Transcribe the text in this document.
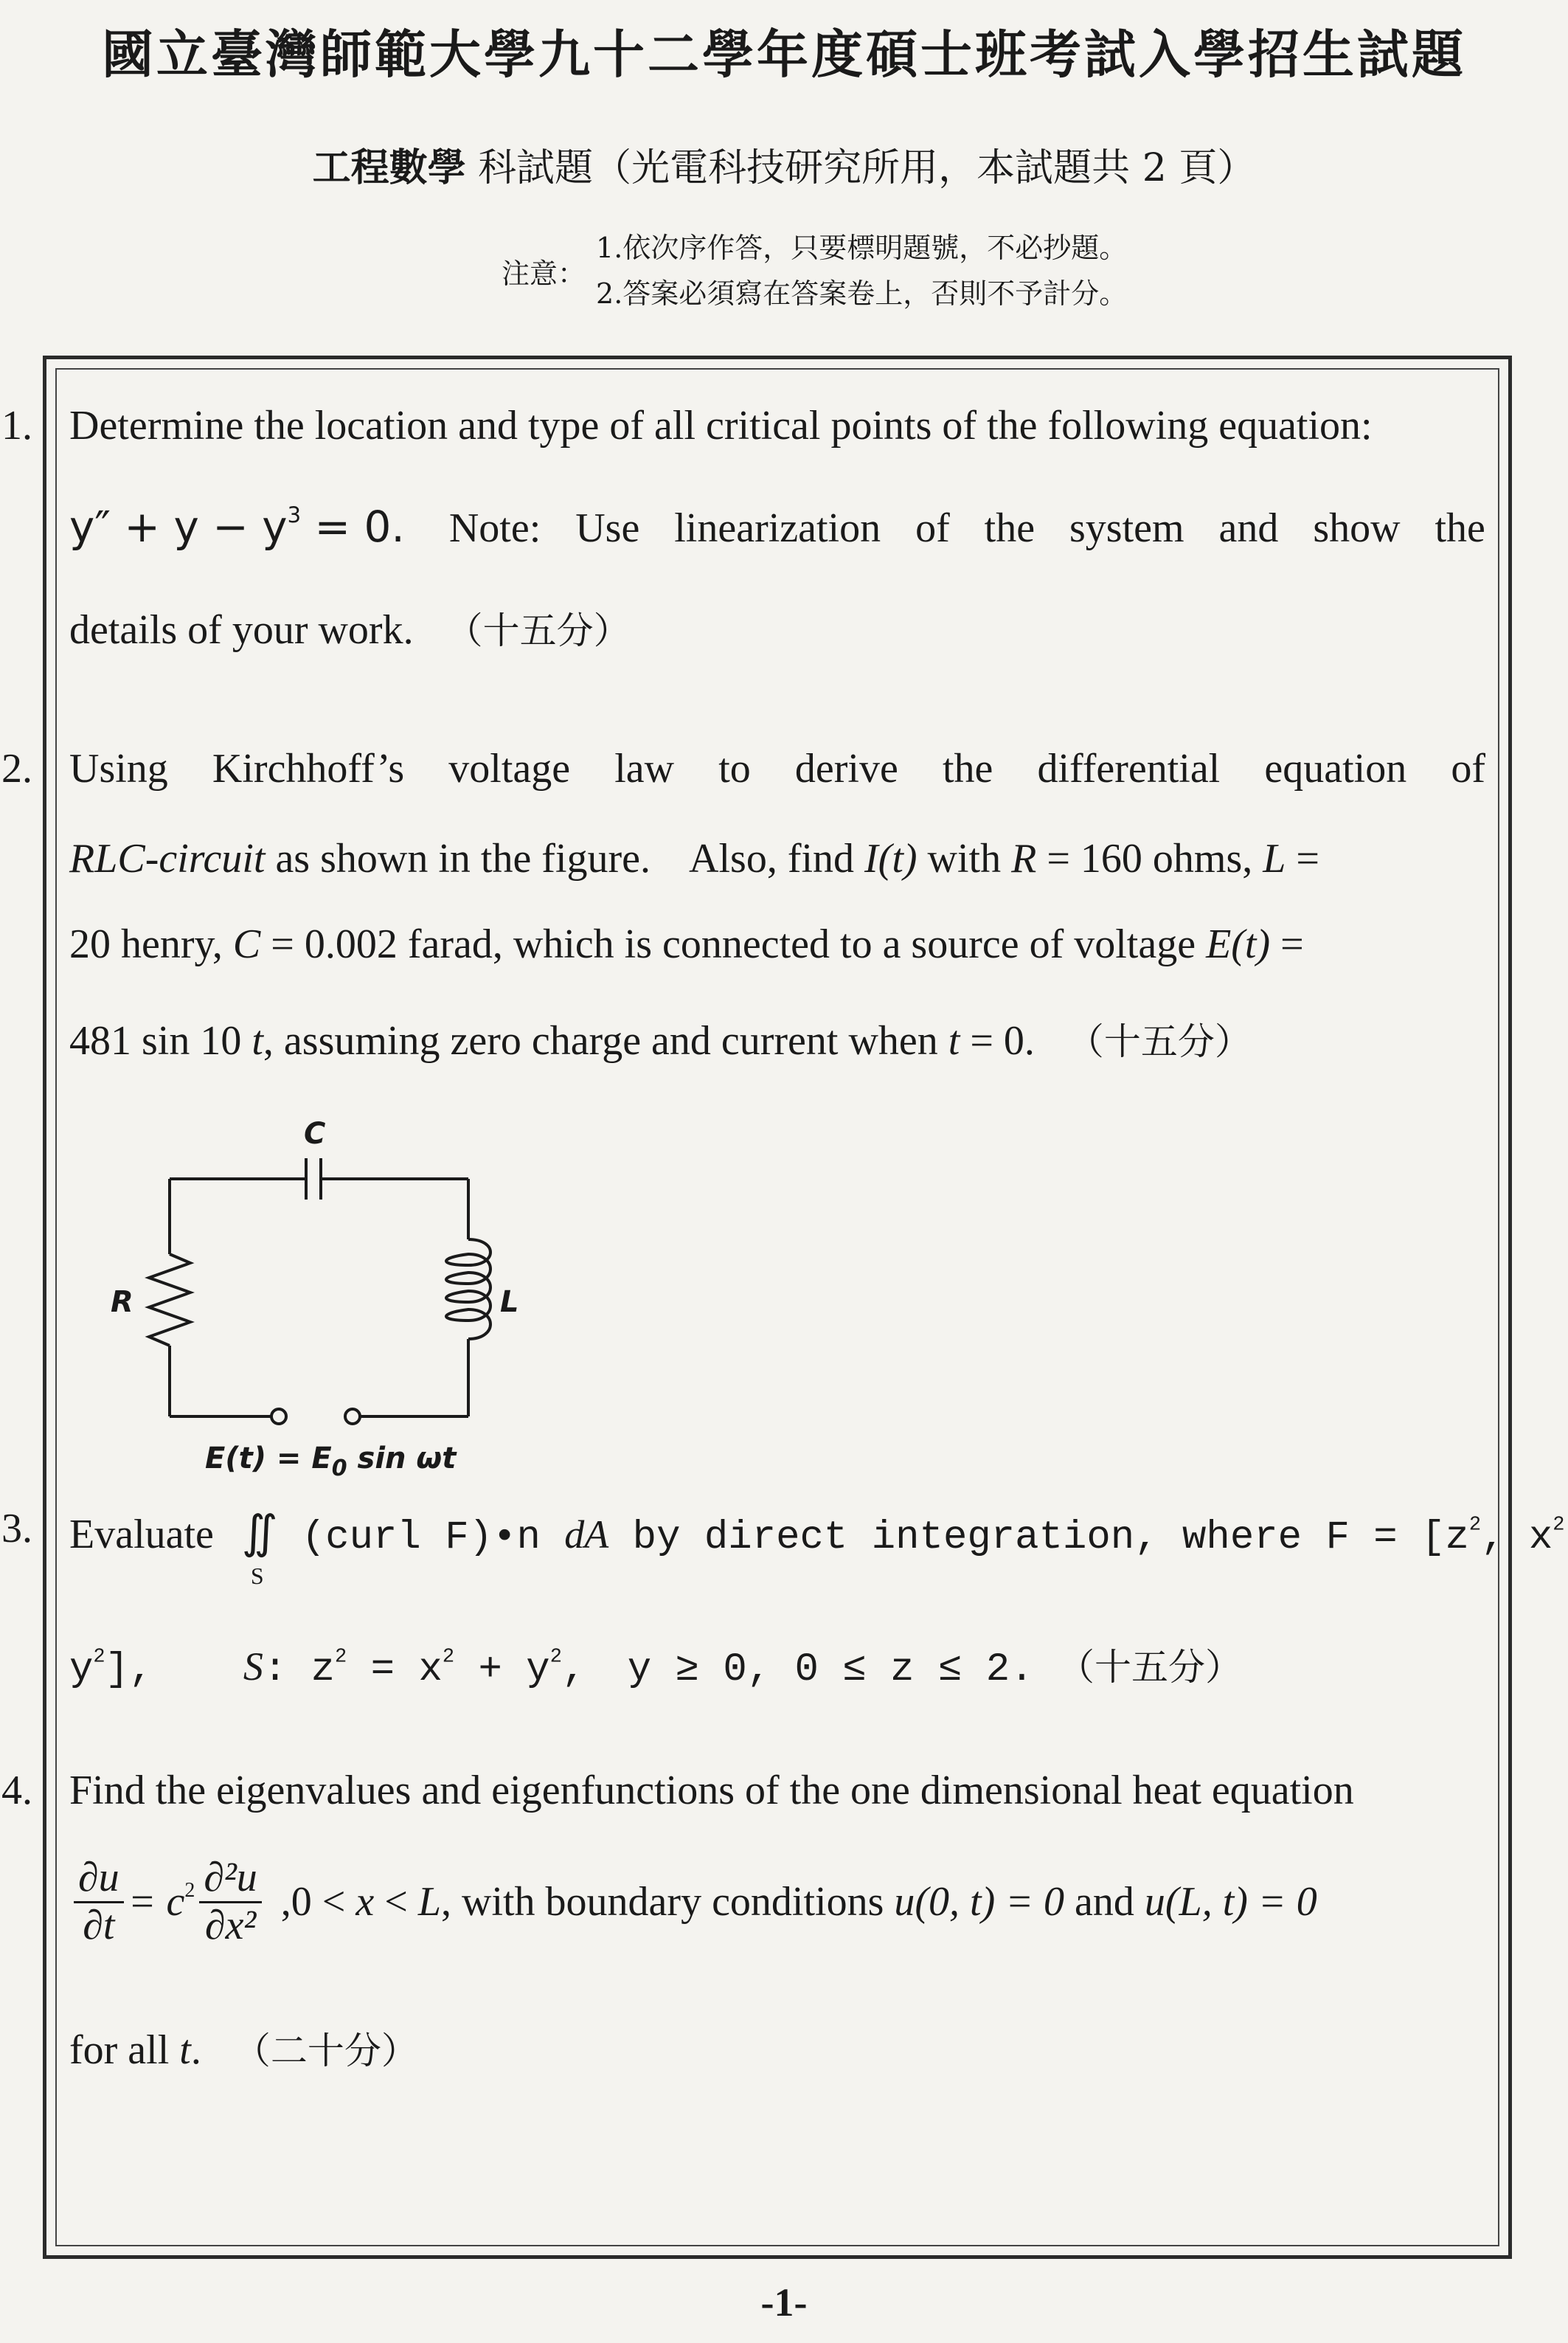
國立臺灣師範大學九十二學年度碩士班考試入學招生試題
工程數學 科試題（光電科技研究所用，本試題共 2 頁）
注意：
1.依次序作答，只要標明題號，不必抄題。
2.答案必須寫在答案卷上，否則不予計分。
1. Determine the location and type of all critical points of the following equation:
$y'' + y - y^3 = 0$. Note: Use linearization of the system and show the
details of your work. （十五分）
2. Using Kirchhoff’s voltage law to derive the differential equation of
RLC-circuit as shown in the figure. Also, find I(t) with R = 160 ohms, L =
20 henry, C = 0.002 farad, which is connected to a source of voltage E(t) =
481 sin 10 t, assuming zero charge and current when t = 0. （十五分）
C
R	L
$E(t) = E_0$ sin ωt
3. Evaluate ∬
S
(curl F)•n dA by direct integration, where $F = [z^2$, $x^2$
$y^2$], S: $z^2 = x^2 + y^2$, y ≥ 0, 0 ≤ z ≤ 2. （十五分）
4. Find the eigenvalues and eigenfunctions of the one dimensional heat equation
$\frac{\partial u}{\partial t} = c^2 \frac{\text{∂²u}}{\text{∂x²}} ,0 < x < L$, with boundary conditions u(0, t) = 0 and u(L, t) = 0
for all t. （二十分）
-1-
